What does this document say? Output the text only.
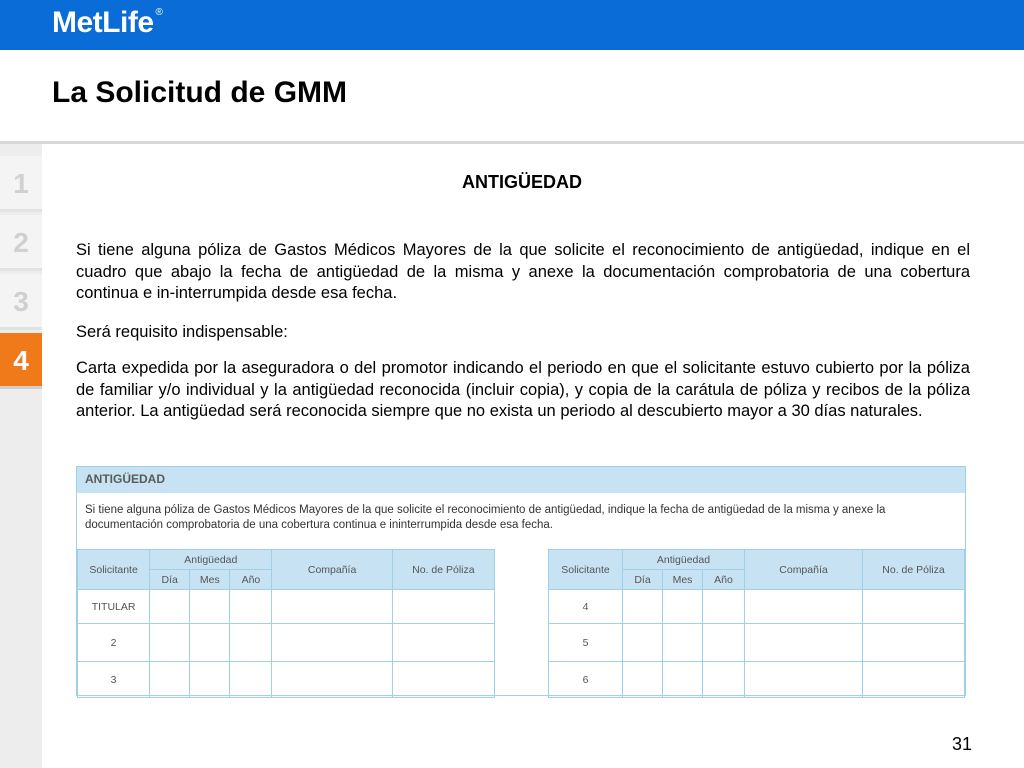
MetLife ®
La Solicitud de GMM
1
2
3
4
ANTIGÜEDAD

Si tiene alguna póliza de Gastos Médicos Mayores de la que solicite el reconocimiento de antigüedad, indique en el cuadro que abajo la fecha de antigüedad de la misma y anexe la documentación comprobatoria de una cobertura continua e in-interrumpida desde esa fecha.

Será requisito indispensable:

Carta expedida por la aseguradora o del promotor indicando el periodo en que el solicitante estuvo cubierto por la póliza de familiar y/o individual y la antigüedad reconocida (incluir copia), y copia de la carátula de póliza y recibos de la póliza anterior. La antigüedad será reconocida siempre que no exista un periodo al descubierto mayor a 30 días naturales.

ANTIGÜEDAD
Si tiene alguna póliza de Gastos Médicos Mayores de la que solicite el reconocimiento de antigüedad, indique la fecha de antigüedad de la misma y anexe la documentación comprobatoria de una cobertura continua e ininterrumpida desde esa fecha.
Solicitante	Antigüedad			Compañía	No. de Póliza
	Día	Mes	Año		
TITULAR					
2					
3					
Solicitante	Antigüedad			Compañía	No. de Póliza
	Día	Mes	Año		
4					
5					
6					
31
